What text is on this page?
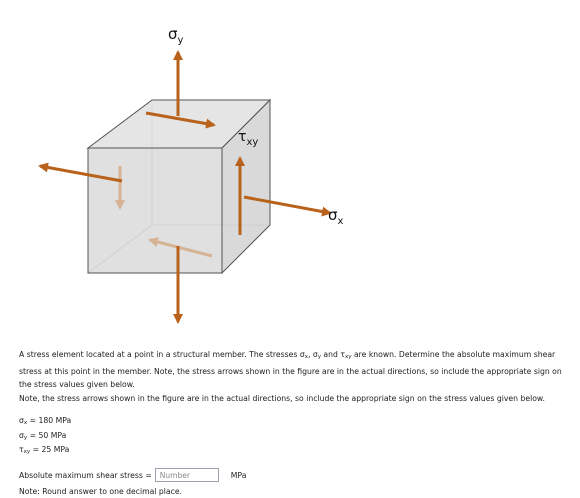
$\sigma_y$
$\tau_{xy}$
$\sigma_x$

A stress element located at a point in a structural member. The stresses σx, σy and τxy are known. Determine the absolute maximum shear stress at this point in the member. Note, the stress arrows shown in the figure are in the actual directions, so include the appropriate sign on the stress values given below.

Note, the stress arrows shown in the figure are in the actual directions, so include the appropriate sign on the stress values given below.

σx = 180 MPa
σy = 50 MPa
τxy = 25 MPa
Absolute maximum shear stress =
Number	MPa
Note: Round answer to one decimal place.
